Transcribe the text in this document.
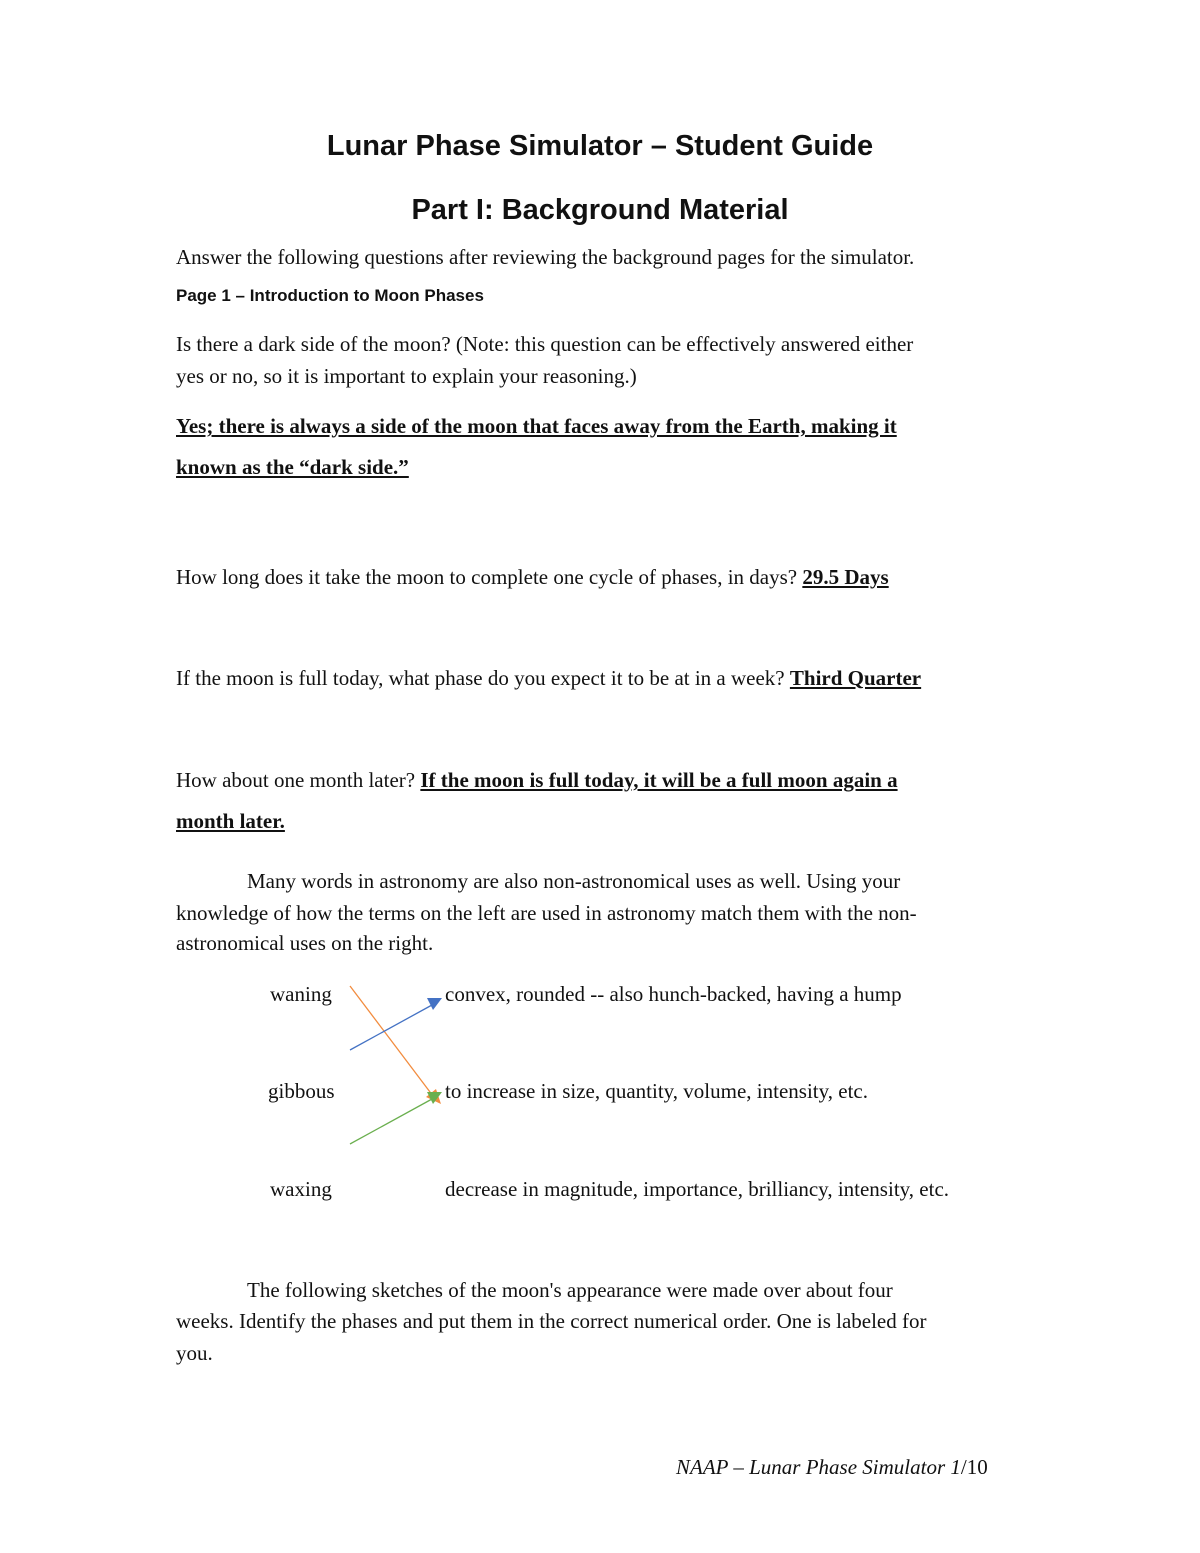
Lunar Phase Simulator – Student Guide
Part I: Background Material
Answer the following questions after reviewing the background pages for the simulator.
Page 1 – Introduction to Moon Phases
Is there a dark side of the moon? (Note: this question can be effectively answered either
yes or no, so it is important to explain your reasoning.)
Yes; there is always a side of the moon that faces away from the Earth, making it
known as the “dark side.”
How long does it take the moon to complete one cycle of phases, in days? 29.5 Days
If the moon is full today, what phase do you expect it to be at in a week? Third Quarter
How about one month later? If the moon is full today, it will be a full moon again a
month later.
Many words in astronomy are also non-astronomical uses as well. Using your
knowledge of how the terms on the left are used in astronomy match them with the non-
astronomical uses on the right.
waning
gibbous
waxing
convex, rounded -- also hunch-backed, having a hump
to increase in size, quantity, volume, intensity, etc.
decrease in magnitude, importance, brilliancy, intensity, etc.
The following sketches of the moon's appearance were made over about four
weeks. Identify the phases and put them in the correct numerical order. One is labeled for
you.
NAAP – Lunar Phase Simulator 1/10
